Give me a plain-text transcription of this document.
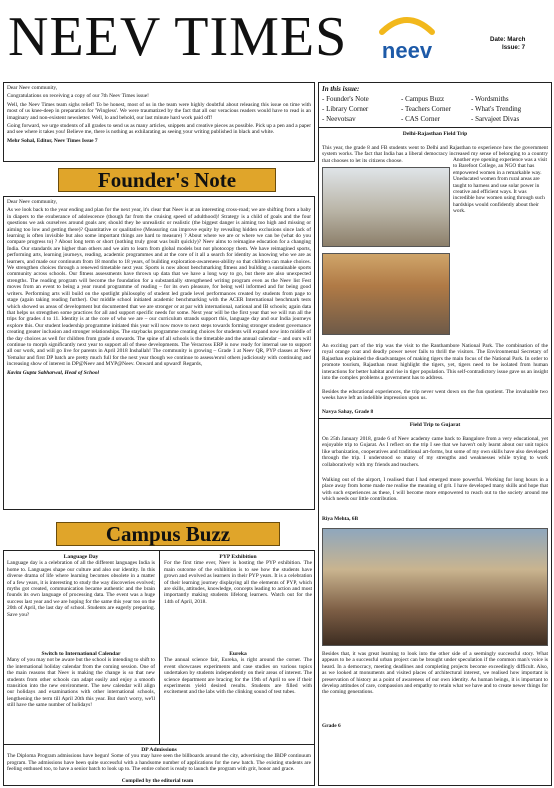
NEEV TIMES neev	Date: March
Issue: 7

Dear Neev community,

Congratulations on receiving a copy of our 7th Neev Times issue!

Well, the Neev Times team sighs relief! To be honest, most of us in the team were highly doubtful about releasing this issue on time with most of us knee-deep in preparation for 'Wingless'. We were traumatized by the fact that all our veracious readers would have to read is an imaginary and non-existent newsletter. Well, lo and behold, our last minute hard work paid off!

Going forward, we urge students of all grades to send us as many articles, snippets and creative pieces as possible. Pick up a pen and a paper and see where it takes you! Believe me, there is nothing as exhilarating as seeing your writing published in black and white.

Mehr Sohal, Editor, Neev Times Issue 7

Founder's Note

Dear Neev community,

As we look back to the year ending and plan for the next year, it's clear that Neev is at an interesting cross-road; we are shifting from a baby in diapers to the exuberance of adolescence (though far from the cruising speed of adulthood)! Strategy is a child of goals and the four questions we ask ourselves around goals are; should they be unrealistic or realistic (the biggest danger is aiming too high and missing or aiming too low and getting there)? Quantitative or qualitative (Measuring can improve equity by revealing hidden exclusions since lack of learning is often invisible but also some important things are hard to measure) ? About where we are or where we can be (what do you compare progress to) ? About long term or short (nothing truly great was built quickly)? Neev aims to reimagine education for a changing India. Our standards are higher than others and we aim to learn from global models but not photocopy them. We have reimagined sports, performing arts, learning journeys, reading, academic programmes and at the core of it all a search for identity as knowing who we are as learners, and made our continuum from 18 months to 18 years, of building exploration-awareness-ability so that children can make choices. We strengthen choices through a renewed timetable next year. Sports is now about benchmarking fitness and building a sustainable sports community across schools. Our fitness assessments have thrown up data that we have a long way to go, but there are also unexpected strengths. The reading program will become the foundation for a substantially strengthened writing program even as the Neev list Fest moves from an event to being a year round programme of reading – for its own pleasure, for being well informed and for being good writers. Performing arts will build on the spotlight philosophy of student led grade level performances created by students from page to stage (again taking reading further). Our middle school initiated academic benchmarking with the ACER International benchmark tests which showed us areas of development but documented that we are stronger or at par with international, national and IB schools; again data that helps us strengthen some practices for all and support specific needs for some. Next year will be the first year that we will run all the trips for grades 4 to 11. Identity is at the core of who we are – our curriculum strands support this, language day and our India journeys explore this. Our student leadership programme initiated this year will now move to next steps towards forming stronger student governance creating greater inclusion and stronger relationships. The staybacks programme creating choices for students will expand now into middle of the day choices as well for children from grade 4 onwards. The spine of all schools is the timetable and the annual calendar – and ours will continue to morph significantly next year to support all of these developments. The Veracross ERP is now ready for internal use to support all our work, and will go live for parents in April 2018 Inshallah! The community is growing – Grade 1 at Neev QR, PYP classes at Neev Yemalur and first DP batch are pretty much full for the next year though we continue to assess/enrol others judiciously with continuing and increasing show of interest in DP@Neev and MYP@Neev. Onward and upward! Regards,

Kavita Gupta Sabharwal, Head of School

Campus Buzz
Language Day
Language day is a celebration of all the different languages India is home to. Languages shape our culture and also our identity. In this diverse drama of life where learning becomes obsolete in a matter of a few years, it is interesting to study the way discoveries evolved; myths got created, communication became authentic and the brain founds its own language of processing data. The event was a huge success last year and we are hoping for the same this year too on the 20th of April, the last day of school. Students are eagerly preparing. Save you?
Switch to International Calendar
Many of you may not be aware but the school is intending to shift to the international holiday calendar from the coming session. One of the main reasons that Neev is making the change is so that new students from other schools can adapt easily and enjoy a smooth transition into the new environment. The new calendar will align our holidays and examinations with other international schools, lengthening the term till April 20th this year. But don't worry, we'll still have the same number of holidays!
PYP Exhibition
For the first time ever, Neev is hosting the PYP exhibition. The main outcome of the exhibition is to see how the students have grown and evolved as learners in their PYP years. It is a celebration of their learning journey displaying all the elements of PYP, which are skills, attitudes, knowledge, concepts leading to action and most importantly making students lifelong learners. Watch out for the 14th of April, 2018.
Eureka
The annual science fair, Eureka, is right around the corner. The event showcases experiments and case studies on various topics undertaken by students independently on their areas of interest. The science department are bracing for the 19th of April to see if their experiments yield desired results. Students are filled with excitement and the labs with the clinking sound of test tubes.
DP Admissions
The Diploma Program admissions have begun! Some of you may have seen the billboards around the city, advertising the IBDP continuum program. The admissions have been quite successful with a handsome number of applications for the new batch. The existing students are feeling enthused too, to have a senior batch to look up to. The entire cohort is ready to launch the program with grit, honor and grace.
In this issue:
- Founder's Note	- Campus Buzz	- Wordsmiths
- Library Corner	- Teachers Corner	- What's Trending
- Neevotsav	- CAS Corner	- Sarvajeet Divas
Delhi-Rajasthan Field Trip
This year, the grade 8 and FB students went to Delhi and Rajasthan to experience how the government system works. The fact that India has a liberal democracy increased my sense of belonging to a country that chooses to let its citizens choose.	Another eye opening experience was a visit to Barefoot College, an NGO that has empowered women in a remarkable way. Uneducated women from rural areas are taught to harness and use solar power in creative and efficient ways. It was incredible how women using through such hardships would confidently about their work.
An exciting part of the trip was the visit to the Ranthambore National Park. The combination of the royal orange coat and deadly power never fails to thrill the visitors. The Environmental Secretary of Rajasthan explained the disadvantages of making tigers the main focus of the National Park. In order to promote tourism, Rajasthan must highlight the tigers, yet, tigers need to be isolated from human interactions for better habitat and rise in tiger population. This self-contradictory issue gave us an insight into the complex problems a government has to address.
Besides the educational experiences, the trip never went down on the fun quotient. The invaluable two weeks have left an indelible impression upon us.
Navya Sahay, Grade 8
Field Trip to Gujarat
On 25th January 2018, grade 6 of Neev academy came back to Bangalore from a very educational, yet enjoyable trip to Gujarat. As I reflect on the trip I see that we haven't only learnt about our unit topics like urbanization, cooperatives and traditional art-forms, but some of my own skills have also developed through the trip. I understood so many of my strengths and weaknesses while trying to work collaboratively with my friends and teachers.
Walking out of the airport, I realised that I had emerged more powerful. Working for long hours in a place away from home made me realise the meaning of grit. I have developed many skills and hope that with such experiences as these, I will become more empowered to reach out to the society around me which needs our little contribution.
Riya Mehta, 6B
Besides that, it was great learning to look into the other side of a seemingly successful story. What appears to be a successful urban project can be brought under speculation if the common man's voice is heard. In a democracy, meeting deadlines and completing projects become exceedingly difficult. Also, as we looked at monuments and visited places of architectural interest, we realised how important is preservation of history as a point of awareness of our own identity. As human beings, it is important to develop attitudes of care, compassion and empathy to retain what we have and to create newer things for the coming generations.
Grade 6
Compiled by the editorial team
